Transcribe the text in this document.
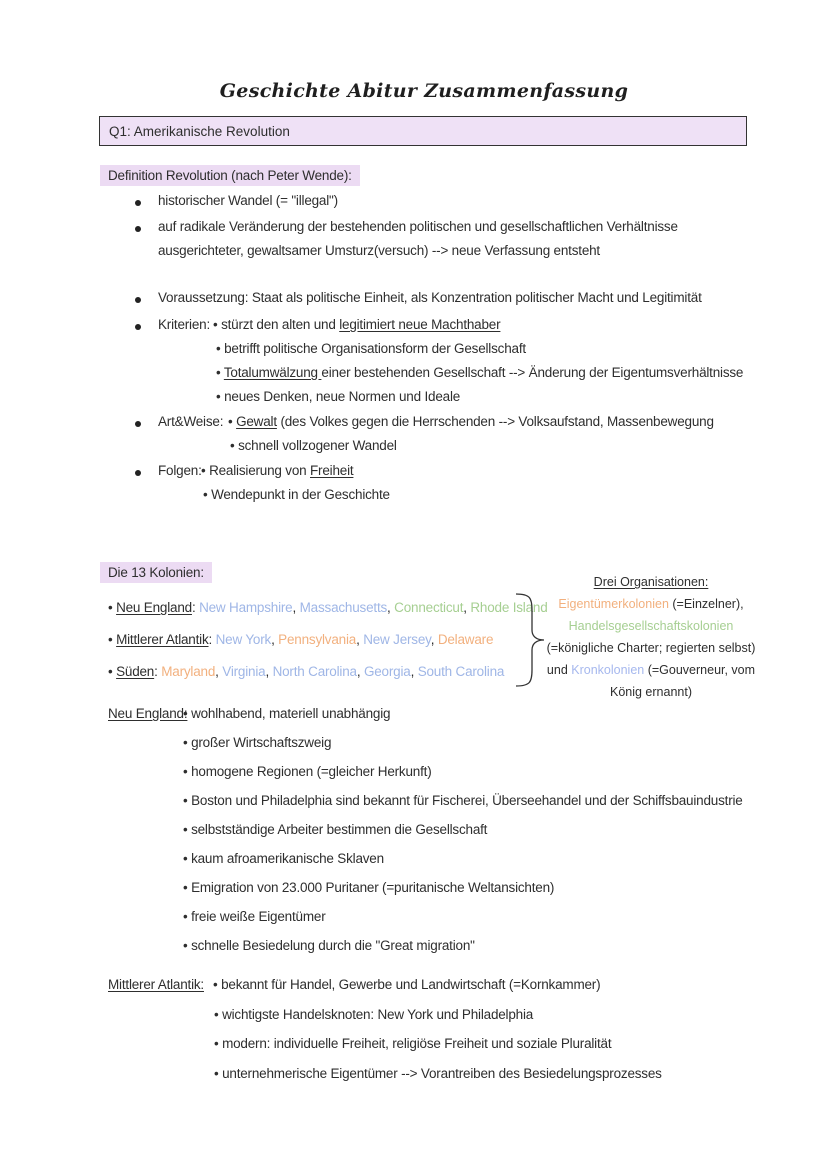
Geschichte Abitur Zusammenfassung
Q1: Amerikanische Revolution
Definition Revolution (nach Peter Wende):
historischer Wandel (= "illegal")
auf radikale Veränderung der bestehenden politischen und gesellschaftlichen Verhältnisse
ausgerichteter, gewaltsamer Umsturz(versuch) --> neue Verfassung entsteht
Voraussetzung: Staat als politische Einheit, als Konzentration politischer Macht und Legitimität
Kriterien: • stürzt den alten und legitimiert neue Machthaber
• betrifft politische Organisationsform der Gesellschaft
• Totalumwälzung einer bestehenden Gesellschaft --> Änderung der Eigentumsverhältnisse
• neues Denken, neue Normen und Ideale
Art&Weise: • Gewalt (des Volkes gegen die Herrschenden --> Volksaufstand, Massenbewegung
• schnell vollzogener Wandel
Folgen: • Realisierung von Freiheit
• Wendepunkt in der Geschichte
Die 13 Kolonien:
• Neu England: New Hampshire, Massachusetts, Connecticut, Rhode Island
• Mittlerer Atlantik: New York, Pennsylvania, New Jersey, Delaware
• Süden: Maryland, Virginia, North Carolina, Georgia, South Carolina
Drei Organisationen:
Eigentümerkolonien (=Einzelner),
Handelsgesellschaftskolonien
(=königliche Charter; regierten selbst)
und Kronkolonien (=Gouverneur, vom
König ernannt)
Neu England:
• wohlhabend, materiell unabhängig
• großer Wirtschaftszweig
• homogene Regionen (=gleicher Herkunft)
• Boston und Philadelphia sind bekannt für Fischerei, Überseehandel und der Schiffsbauindustrie
• selbstständige Arbeiter bestimmen die Gesellschaft
• kaum afroamerikanische Sklaven
• Emigration von 23.000 Puritaner (=puritanische Weltansichten)
• freie weiße Eigentümer
• schnelle Besiedelung durch die "Great migration"
Mittlerer Atlantik: • bekannt für Handel, Gewerbe und Landwirtschaft (=Kornkammer)
• wichtigste Handelsknoten: New York und Philadelphia
• modern: individuelle Freiheit, religiöse Freiheit und soziale Pluralität
• unternehmerische Eigentümer --> Vorantreiben des Besiedelungsprozesses
